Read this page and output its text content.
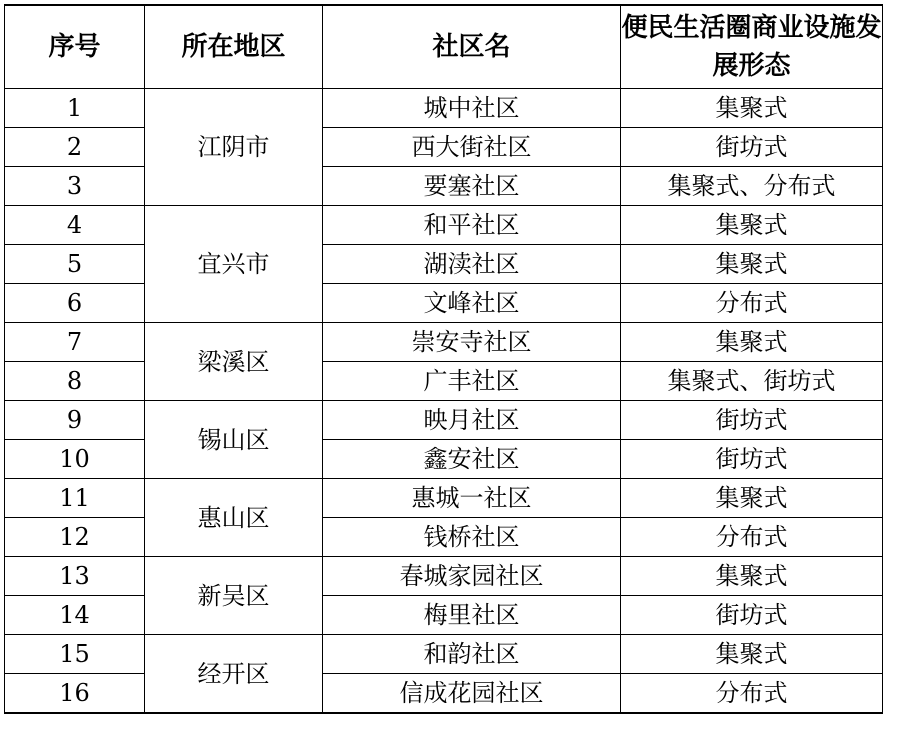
序号	所在地区	社区名	便民生活圈商业设施发展形态
1	江阴市	城中社区	集聚式
2		西大街社区	街坊式
3		要塞社区	集聚式、分布式
4	宜兴市	和平社区	集聚式
5		湖渎社区	集聚式
6		文峰社区	分布式
7	梁溪区	崇安寺社区	集聚式
8		广丰社区	集聚式、街坊式
9	锡山区	映月社区	街坊式
10		鑫安社区	街坊式
11	惠山区	惠城一社区	集聚式
12		钱桥社区	分布式
13	新吴区	春城家园社区	集聚式
14		梅里社区	街坊式
15	经开区	和韵社区	集聚式
16		信成花园社区	分布式
